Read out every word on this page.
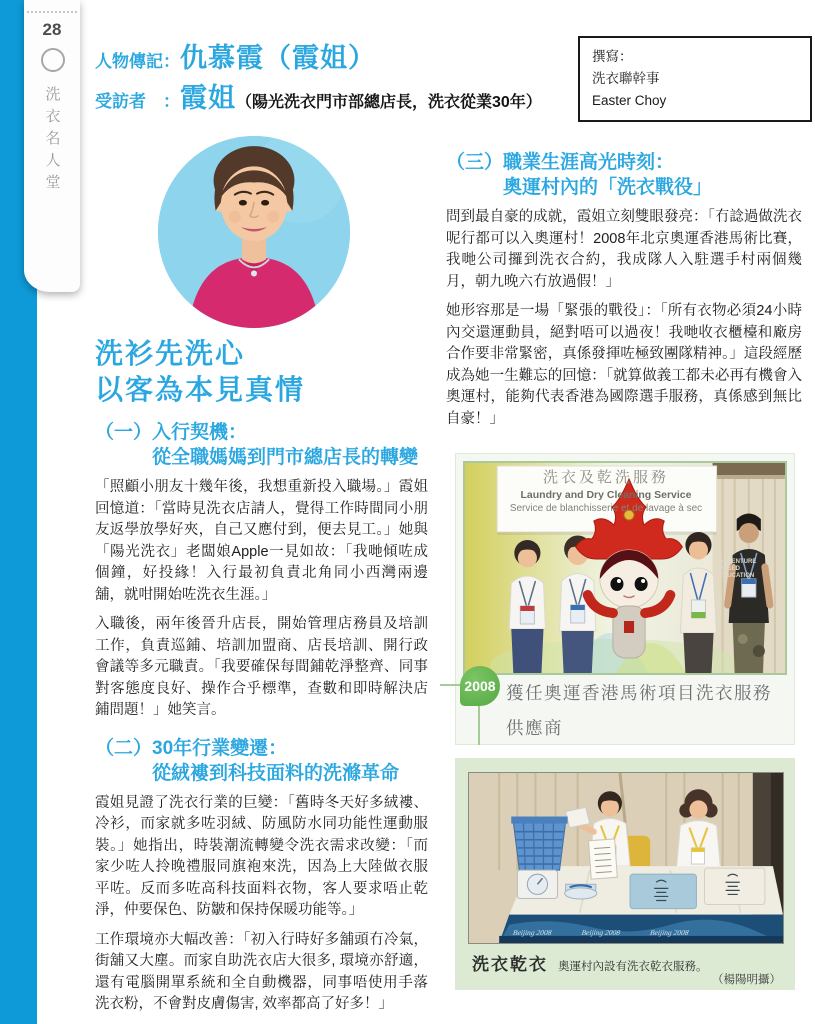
28
洗衣名人堂
人物傳記： 仇慕霞（霞姐）
受訪者　： 霞姐 （陽光洗衣門市部總店長，洗衣從業30年）
撰寫：
洗衣聯幹事
Easter Choy
洗衫先洗心
以客為本見真情
（一）入行契機：
從全職媽媽到門市總店長的轉變

「照顧小朋友十幾年後，我想重新投入職場。」霞姐回憶道：「當時見洗衣店請人，覺得工作時間同小朋友返學放學好夾，自己又應付到，便去見工。」她與「陽光洗衣」老闆娘Apple一見如故：「我哋傾咗成個鐘，好投緣！入行最初負責北角同小西灣兩邊舖，就咁開始咗洗衣生涯。」

入職後，兩年後晉升店長，開始管理店務員及培訓工作，負責巡鋪、培訓加盟商、店長培訓、開行政會議等多元職責。「我要確保每間鋪乾淨整齊、同事對客態度良好、操作合乎標準，查數和即時解決店鋪問題！」她笑言。

（二）30年行業變遷：
從絨褸到科技面料的洗滌革命

霞姐見證了洗衣行業的巨變：「舊時冬天好多絨褸、冷衫，而家就多咗羽絨、防風防水同功能性運動服裝。」她指出，時裝潮流轉變令洗衣需求改變：「而家少咗人拎晚禮服同旗袍來洗，因為上大陸做衣服平咗。反而多咗高科技面料衣物，客人要求唔止乾淨，仲要保色、防皺和保持保暖功能等。」

工作環境亦大幅改善：「初入行時好多舖頭冇冷氣，街舖又大塵。而家自助洗衣店大很多, 環境亦舒適，還有電腦開單系統和全自動機器，同事唔使用手落洗衣粉，不會對皮膚傷害, 效率都高了好多！」

（三）職業生涯高光時刻：
奧運村內的「洗衣戰役」

問到最自豪的成就，霞姐立刻雙眼發亮：「冇諗過做洗衣呢行都可以入奧運村！2008年北京奧運香港馬術比賽，我哋公司攞到洗衣合約，我成隊人入駐選手村兩個幾月，朝九晚六冇放過假！」

她形容那是一場「緊張的戰役」：「所有衣物必須24小時內交還運動員，絕對唔可以過夜！我哋收衣櫃檯和廠房合作要非常緊密，真係發揮咗極致團隊精神。」這段經歷成為她一生難忘的回憶：「就算做義工都未必再有機會入奧運村，能夠代表香港為國際選手服務，真係感到無比自豪！」

洗衣及乾洗服務
Laundry and Dry Cleaning Service
Service de blanchisserie et de lavage à sec
ADVENTURE BASED EDUCATION
2008 獲任奧運香港馬術項目洗衣服務供應商
Beijing 2008	Beijing 2008	Beijing 2008
洗衣乾衣 奧運村內設有洗衣乾衣服務。
（楊陽明攝）
